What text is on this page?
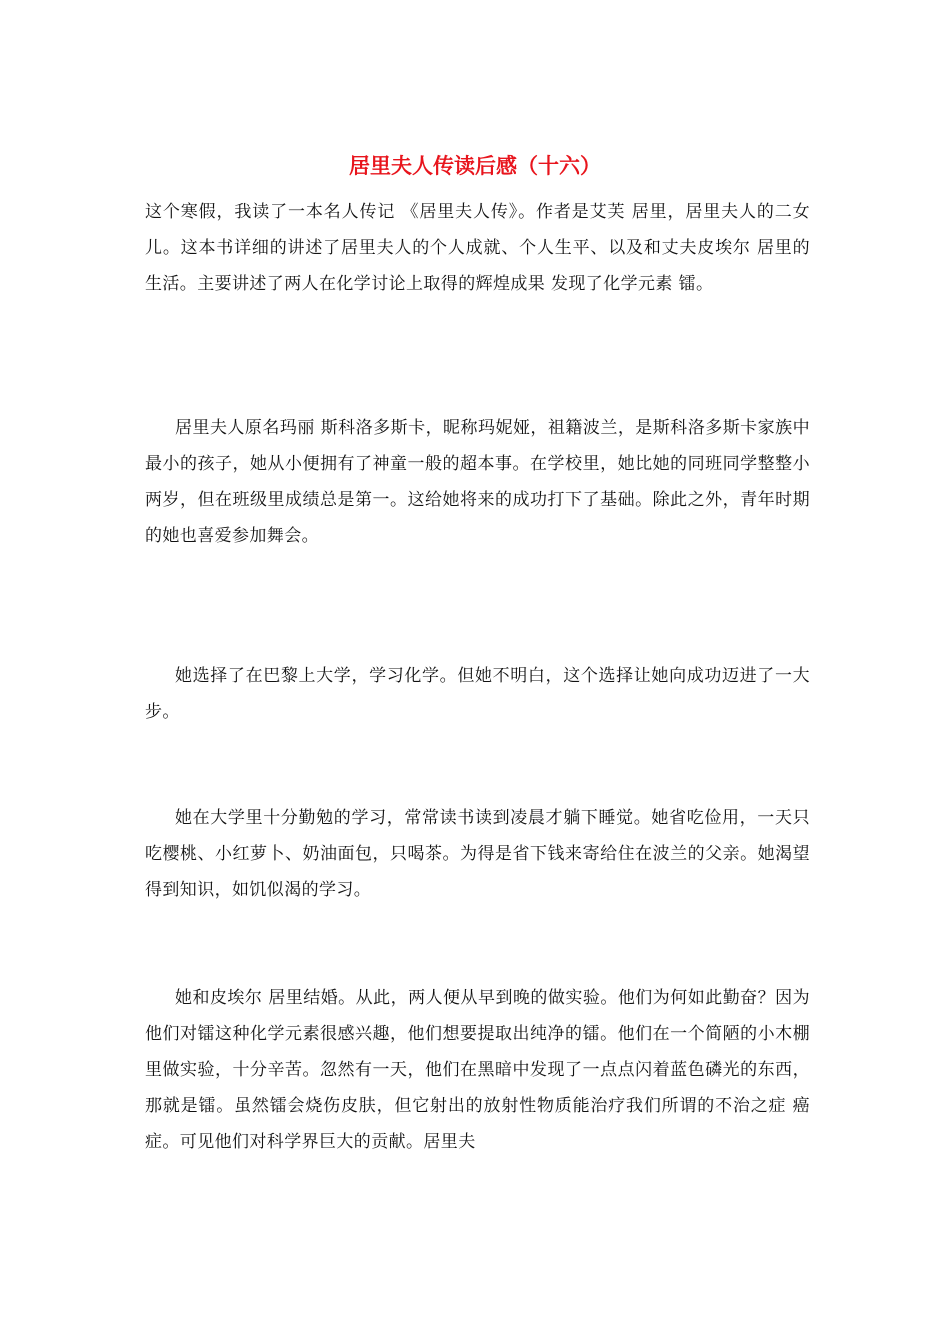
居里夫人传读后感（十六）

这个寒假，我读了一本名人传记 《居里夫人传》。作者是艾芙 居里，居里夫人的二女儿。这本书详细的讲述了居里夫人的个人成就、个人生平、以及和丈夫皮埃尔 居里的生活。主要讲述了两人在化学讨论上取得的辉煌成果 发现了化学元素 镭。

居里夫人原名玛丽 斯科洛多斯卡，昵称玛妮娅，祖籍波兰，是斯科洛多斯卡家族中最小的孩子，她从小便拥有了神童一般的超本事。在学校里，她比她的同班同学整整小两岁，但在班级里成绩总是第一。这给她将来的成功打下了基础。除此之外，青年时期的她也喜爱参加舞会。

她选择了在巴黎上大学，学习化学。但她不明白，这个选择让她向成功迈进了一大步。

她在大学里十分勤勉的学习，常常读书读到凌晨才躺下睡觉。她省吃俭用，一天只吃樱桃、小红萝卜、奶油面包，只喝茶。为得是省下钱来寄给住在波兰的父亲。她渴望得到知识，如饥似渴的学习。

她和皮埃尔 居里结婚。从此，两人便从早到晚的做实验。他们为何如此勤奋？因为他们对镭这种化学元素很感兴趣，他们想要提取出纯净的镭。他们在一个简陋的小木棚里做实验，十分辛苦。忽然有一天，他们在黑暗中发现了一点点闪着蓝色磷光的东西，那就是镭。虽然镭会烧伤皮肤，但它射出的放射性物质能治疗我们所谓的不治之症 癌症。可见他们对科学界巨大的贡献。居里夫
